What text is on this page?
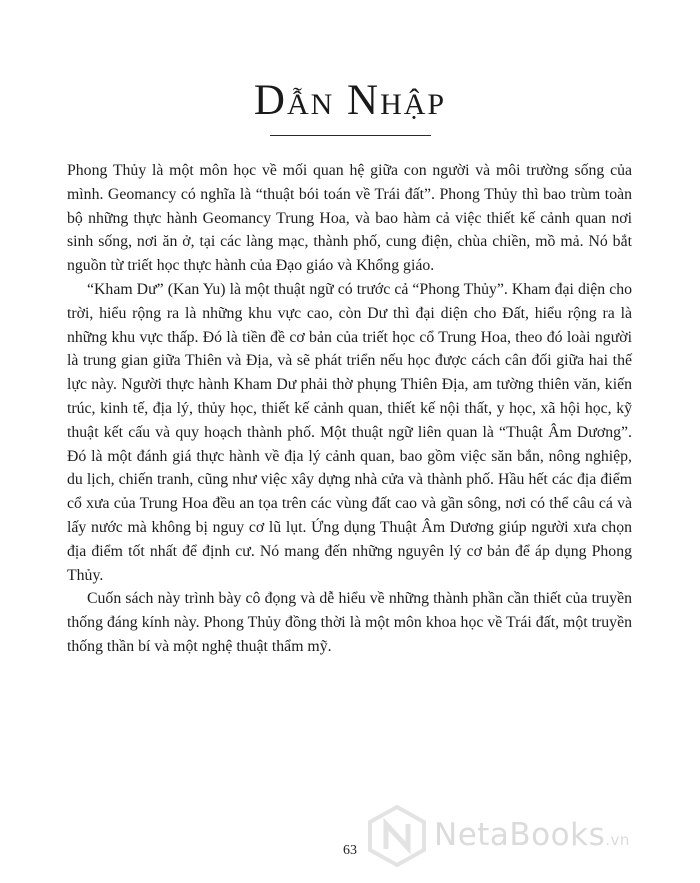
Dẫn Nhập

Phong Thủy là một môn học về mối quan hệ giữa con người và môi trường sống của mình. Geomancy có nghĩa là “thuật bói toán về Trái đất”. Phong Thủy thì bao trùm toàn bộ những thực hành Geomancy Trung Hoa, và bao hàm cả việc thiết kế cảnh quan nơi sinh sống, nơi ăn ở, tại các làng mạc, thành phố, cung điện, chùa chiền, mồ mả. Nó bắt nguồn từ triết học thực hành của Đạo giáo và Khổng giáo.

“Kham Dư” (Kan Yu) là một thuật ngữ có trước cả “Phong Thủy”. Kham đại diện cho trời, hiểu rộng ra là những khu vực cao, còn Dư thì đại diện cho Đất, hiểu rộng ra là những khu vực thấp. Đó là tiền đề cơ bản của triết học cổ Trung Hoa, theo đó loài người là trung gian giữa Thiên và Địa, và sẽ phát triển nếu học được cách cân đối giữa hai thế lực này. Người thực hành Kham Dư phải thờ phụng Thiên Địa, am tường thiên văn, kiến trúc, kinh tế, địa lý, thủy học, thiết kế cảnh quan, thiết kế nội thất, y học, xã hội học, kỹ thuật kết cấu và quy hoạch thành phố. Một thuật ngữ liên quan là “Thuật Âm Dương”. Đó là một đánh giá thực hành về địa lý cảnh quan, bao gồm việc săn bắn, nông nghiệp, du lịch, chiến tranh, cũng như việc xây dựng nhà cửa và thành phố. Hầu hết các địa điểm cổ xưa của Trung Hoa đều an tọa trên các vùng đất cao và gần sông, nơi có thể câu cá và lấy nước mà không bị nguy cơ lũ lụt. Ứng dụng Thuật Âm Dương giúp người xưa chọn địa điểm tốt nhất để định cư. Nó mang đến những nguyên lý cơ bản để áp dụng Phong Thủy.

Cuốn sách này trình bày cô đọng và dễ hiểu về những thành phần cần thiết của truyền thống đáng kính này. Phong Thủy đồng thời là một môn khoa học về Trái đất, một truyền thống thần bí và một nghệ thuật thẩm mỹ.

NetaBooks.vn
63
